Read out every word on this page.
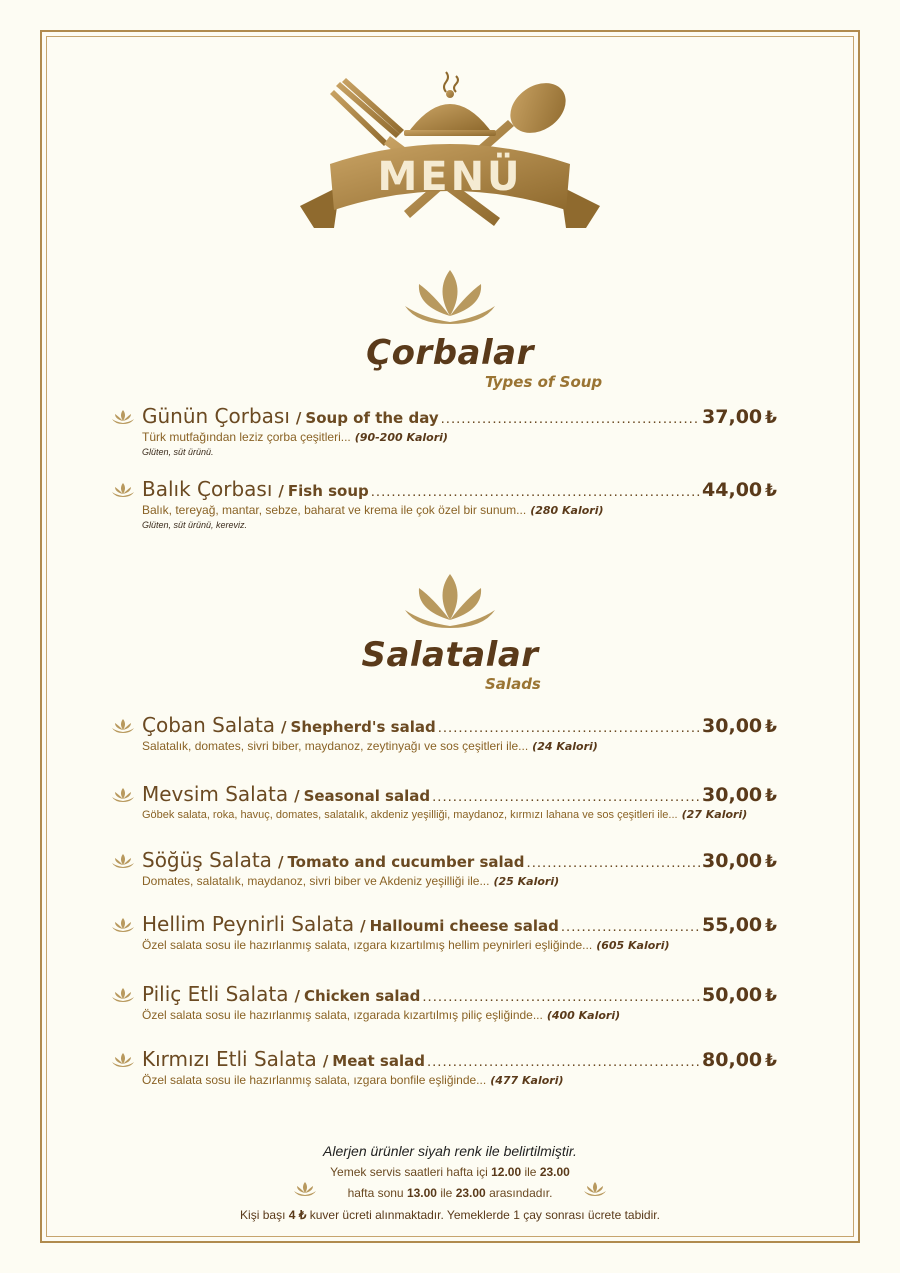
MENÜ
Çorbalar
Types of Soup
Günün Çorbası / Soup of the day .....	37,00 ₺
Türk mutfağından leziz çorba çeşitleri... (90-200 Kalori)
Glüten, süt ürünü.
Balık Çorbası / Fish soup .....	44,00 ₺
Balık, tereyağ, mantar, sebze, baharat ve krema ile çok özel bir sunum... (280 Kalori)
Glüten, süt ürünü, kereviz.
Salatalar
Salads
Çoban Salata / Shepherd's salad .....	30,00 ₺
Salatalık, domates, sivri biber, maydanoz, zeytinyağı ve sos çeşitleri ile... (24 Kalori)
Mevsim Salata / Seasonal salad .....	30,00 ₺
Göbek salata, roka, havuç, domates, salatalık, akdeniz yeşilliği, maydanoz, kırmızı lahana ve sos çeşitleri ile... (27 Kalori)
Söğüş Salata / Tomato and cucumber salad .....	30,00 ₺
Domates, salatalık, maydanoz, sivri biber ve Akdeniz yeşilliği ile... (25 Kalori)
Hellim Peynirli Salata / Halloumi cheese salad .....	55,00 ₺
Özel salata sosu ile hazırlanmış salata, ızgara kızartılmış hellim peynirleri eşliğinde... (605 Kalori)
Piliç Etli Salata / Chicken salad .....	50,00 ₺
Özel salata sosu ile hazırlanmış salata, ızgarada kızartılmış piliç eşliğinde... (400 Kalori)
Kırmızı Etli Salata / Meat salad .....	80,00 ₺
Özel salata sosu ile hazırlanmış salata, ızgara bonfile eşliğinde... (477 Kalori)
Alerjen ürünler siyah renk ile belirtilmiştir.
Yemek servis saatleri hafta içi 12.00 ile 23.00
hafta sonu 13.00 ile 23.00 arasındadır.
Kişi başı 4 ₺ kuver ücreti alınmaktadır. Yemeklerde 1 çay sonrası ücrete tabidir.
